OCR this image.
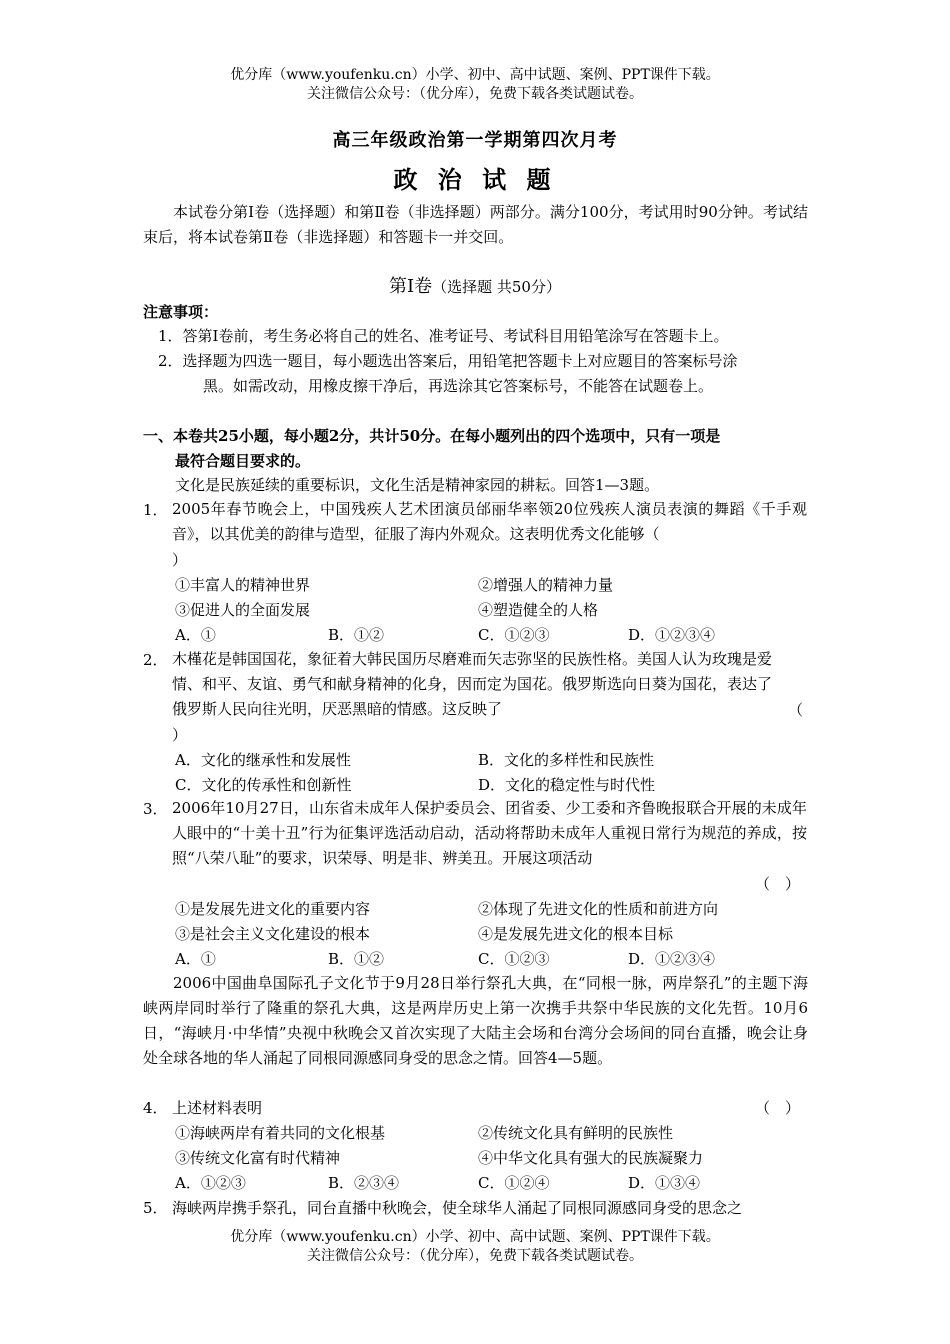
优分库（www.youfenku.cn）小学、初中、高中试题、案例、PPT课件下载。
关注微信公众号：（优分库），免费下载各类试题试卷。
高三年级政治第一学期第四次月考
政 治 试 题
本试卷分第Ⅰ卷（选择题）和第Ⅱ卷（非选择题）两部分。满分100分，考试用时90分钟。考试结束后，将本试卷第Ⅱ卷（非选择题）和答题卡一并交回。
第Ⅰ卷（选择题 共50分）
注意事项：
1．答第Ⅰ卷前，考生务必将自己的姓名、准考证号、考试科目用铅笔涂写在答题卡上。
2．选择题为四选一题目，每小题选出答案后，用铅笔把答题卡上对应题目的答案标号涂
黑。如需改动，用橡皮擦干净后，再选涂其它答案标号，不能答在试题卷上。
一、本卷共25小题，每小题2分，共计50分。在每小题列出的四个选项中，只有一项是
最符合题目要求的。
文化是民族延续的重要标识，文化生活是精神家园的耕耘。回答1—3题。
1． 2005年春节晚会上，中国残疾人艺术团演员邰丽华率领20位残疾人演员表演的舞蹈《千手观音》，以其优美的韵律与造型，征服了海内外观众。这表明优秀文化能够（
）
①丰富人的精神世界	②增强人的精神力量
③促进人的全面发展	④塑造健全的人格
A．①	B．①②	C．①②③	D．①②③④
2． 木槿花是韩国国花，象征着大韩民国历尽磨难而矢志弥坚的民族性格。美国人认为玫瑰是爱情、和平、友谊、勇气和献身精神的化身，因而定为国花。俄罗斯选向日葵为国花，表达了俄罗斯人民向往光明，厌恶黑暗的情感。这反映了	（
）
A．文化的继承性和发展性	B．文化的多样性和民族性
C．文化的传承性和创新性	D．文化的稳定性与时代性
3． 2006年10月27日，山东省未成年人保护委员会、团省委、少工委和齐鲁晚报联合开展的未成年人眼中的“十美十丑”行为征集评选活动启动，活动将帮助未成年人重视日常行为规范的养成，按照“八荣八耻”的要求，识荣辱、明是非、辨美丑。开展这项活动
（　）
①是发展先进文化的重要内容	②体现了先进文化的性质和前进方向
③是社会主义文化建设的根本	④是发展先进文化的根本目标
A．①	B．①②	C．①②③	D．①②③④
2006中国曲阜国际孔子文化节于9月28日举行祭孔大典，在“同根一脉，两岸祭孔”的主题下海峡两岸同时举行了隆重的祭孔大典，这是两岸历史上第一次携手共祭中华民族的文化先哲。10月6日，“海峡月·中华情”央视中秋晚会又首次实现了大陆主会场和台湾分会场间的同台直播，晚会让身处全球各地的华人涌起了同根同源感同身受的思念之情。回答4—5题。
4． 上述材料表明	（　）
①海峡两岸有着共同的文化根基	②传统文化具有鲜明的民族性
③传统文化富有时代精神	④中华文化具有强大的民族凝聚力
A．①②③	B．②③④	C．①②④	D．①③④
5． 海峡两岸携手祭孔，同台直播中秋晚会，使全球华人涌起了同根同源感同身受的思念之
优分库（www.youfenku.cn）小学、初中、高中试题、案例、PPT课件下载。
关注微信公众号：（优分库），免费下载各类试题试卷。
